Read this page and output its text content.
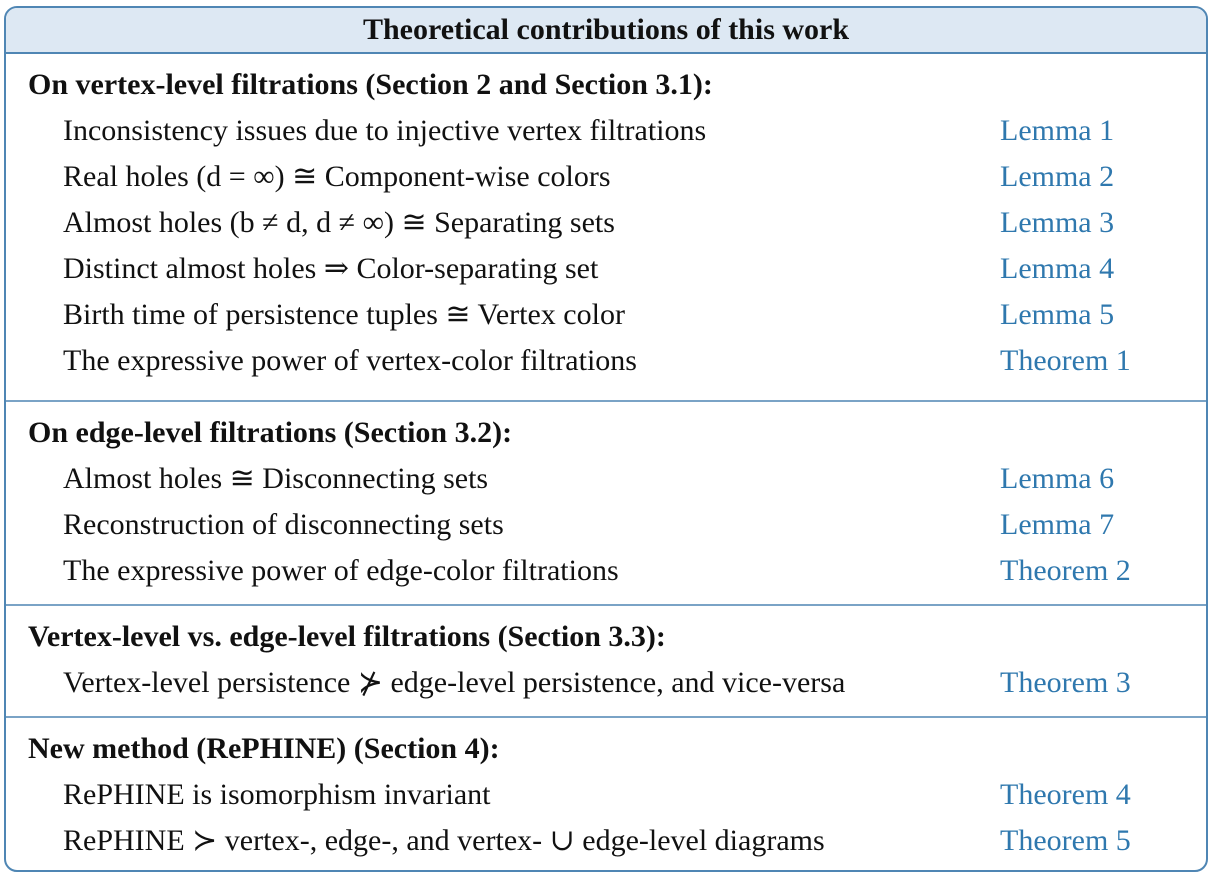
Theoretical contributions of this work
On vertex-level filtrations (Section 2 and Section 3.1):
Inconsistency issues due to injective vertex filtrations	Lemma 1
Real holes (d = ∞) ≅ Component-wise colors	Lemma 2
Almost holes (b ≠ d, d ≠ ∞) ≅ Separating sets	Lemma 3
Distinct almost holes ⇒ Color-separating set	Lemma 4
Birth time of persistence tuples ≅ Vertex color	Lemma 5
The expressive power of vertex-color filtrations	Theorem 1
On edge-level filtrations (Section 3.2):
Almost holes ≅ Disconnecting sets	Lemma 6
Reconstruction of disconnecting sets	Lemma 7
The expressive power of edge-color filtrations	Theorem 2
Vertex-level vs. edge-level filtrations (Section 3.3):
Vertex-level persistence ⊁ edge-level persistence, and vice-versa	Theorem 3
New method (RePHINE) (Section 4):
RePHINE is isomorphism invariant	Theorem 4
RePHINE ≻ vertex-, edge-, and vertex- ∪ edge-level diagrams	Theorem 5
